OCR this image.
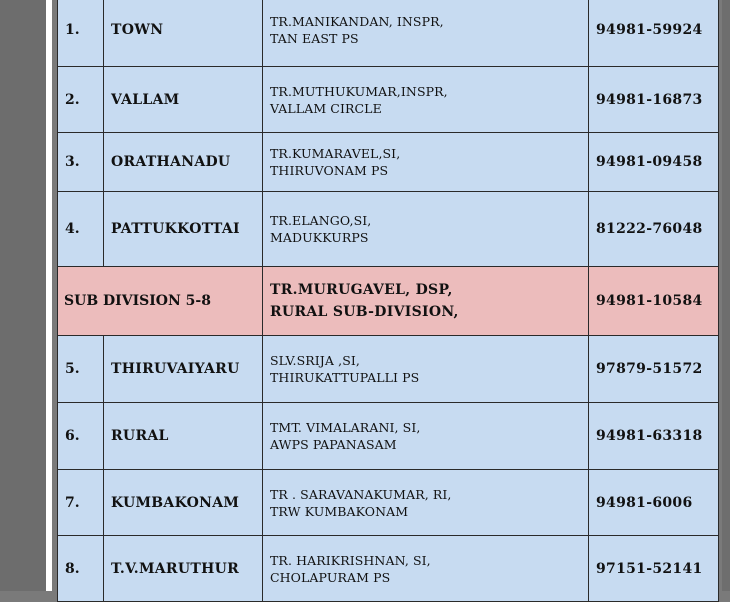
1.	TOWN	TR.MANIKANDAN, INSPR,
TAN EAST PS	94981-59924
2.	VALLAM	TR.MUTHUKUMAR,INSPR,
VALLAM CIRCLE	94981-16873
3.	ORATHANADU	TR.KUMARAVEL,SI,
THIRUVONAM PS	94981-09458
4.	PATTUKKOTTAI	TR.ELANGO,SI,
MADUKKURPS	81222-76048
SUB DIVISION 5-8		TR.MURUGAVEL, DSP,
RURAL SUB-DIVISION,	94981-10584
5.	THIRUVAIYARU	SLV.SRIJA ,SI,
THIRUKATTUPALLI PS	97879-51572
6.	RURAL	TMT. VIMALARANI, SI,
AWPS PAPANASAM	94981-63318
7.	KUMBAKONAM	TR . SARAVANAKUMAR, RI,
TRW KUMBAKONAM	94981-6006
8.	T.V.MARUTHUR	TR. HARIKRISHNAN, SI,
CHOLAPURAM PS	97151-52141
